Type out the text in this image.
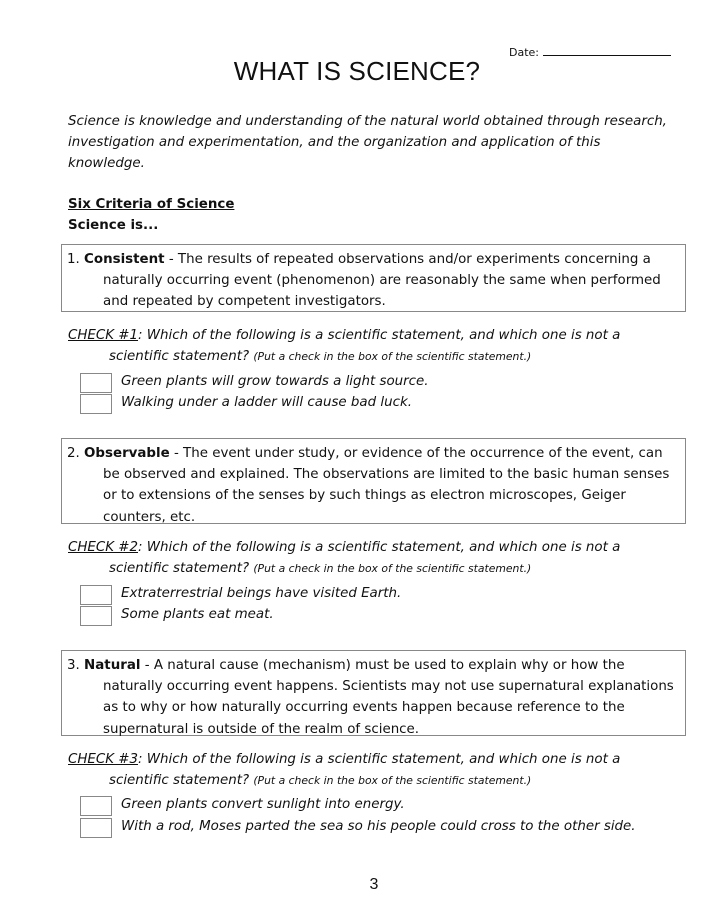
Date:
WHAT IS SCIENCE?
Science is knowledge and understanding of the natural world obtained through research, investigation and experimentation, and the organization and application of this knowledge.
Six Criteria of Science
Science is...

1. Consistent - The results of repeated observations and/or experiments concerning a naturally occurring event (phenomenon) are reasonably the same when performed and repeated by competent investigators.

CHECK #1: Which of the following is a scientific statement, and which one is not a scientific statement? (Put a check in the box of the scientific statement.)

Green plants will grow towards a light source.
Walking under a ladder will cause bad luck.

2. Observable - The event under study, or evidence of the occurrence of the event, can be observed and explained. The observations are limited to the basic human senses or to extensions of the senses by such things as electron microscopes, Geiger counters, etc.

CHECK #2: Which of the following is a scientific statement, and which one is not a scientific statement? (Put a check in the box of the scientific statement.)

Extraterrestrial beings have visited Earth.
Some plants eat meat.

3. Natural - A natural cause (mechanism) must be used to explain why or how the naturally occurring event happens. Scientists may not use supernatural explanations as to why or how naturally occurring events happen because reference to the supernatural is outside of the realm of science.

CHECK #3: Which of the following is a scientific statement, and which one is not a scientific statement? (Put a check in the box of the scientific statement.)

Green plants convert sunlight into energy.
With a rod, Moses parted the sea so his people could cross to the other side.
3
